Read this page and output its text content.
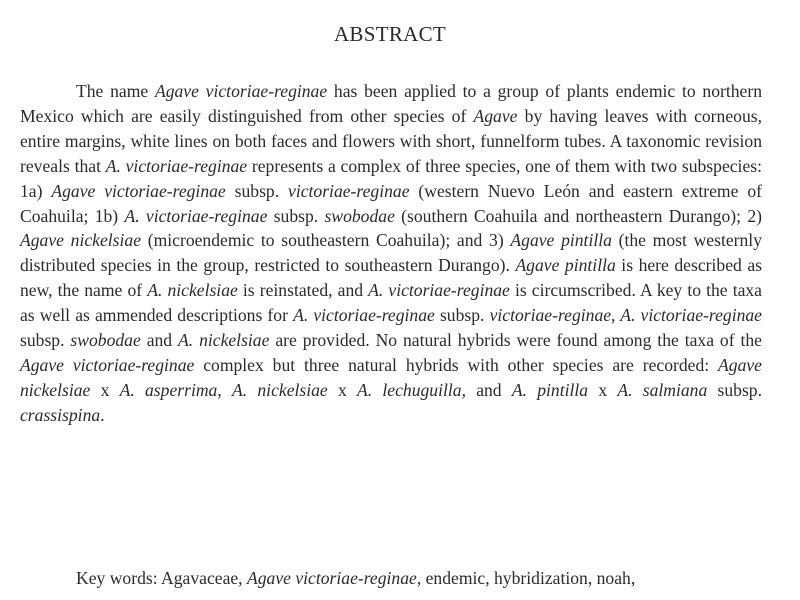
ABSTRACT

The name Agave victoriae-reginae has been applied to a group of plants endemic to northern Mexico which are easily distinguished from other species of Agave by having leaves with corneous, entire margins, white lines on both faces and flowers with short, funnelform tubes. A taxonomic revision reveals that A. victoriae-reginae represents a complex of three species, one of them with two subspecies: 1a) Agave victoriae-reginae subsp. victoriae-reginae (western Nuevo León and eastern extreme of Coahuila; 1b) A. victoriae-reginae subsp. swobodae (southern Coahuila and northeastern Durango); 2) Agave nickelsiae (microendemic to southeastern Coahuila); and 3) Agave pintilla (the most westernly distributed species in the group, restricted to southeastern Durango). Agave pintilla is here described as new, the name of A. nickelsiae is reinstated, and A. victoriae-reginae is circumscribed. A key to the taxa as well as ammended descriptions for A. victoriae-reginae subsp. victoriae-reginae, A. victoriae-reginae subsp. swobodae and A. nickelsiae are provided. No natural hybrids were found among the taxa of the Agave victoriae-reginae complex but three natural hybrids with other species are recorded: Agave nickelsiae x A. asperrima, A. nickelsiae x A. lechuguilla, and A. pintilla x A. salmiana subsp. crassispina.

Key words: Agavaceae, Agave victoriae-reginae, endemic, hybridization, noah,
